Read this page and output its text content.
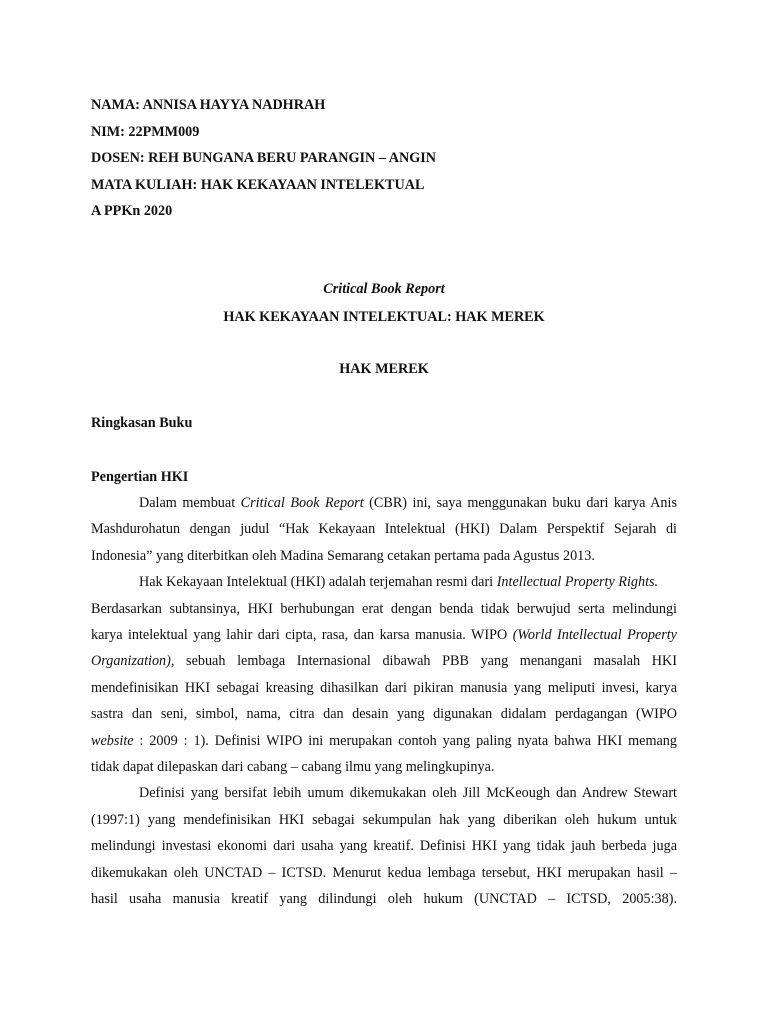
NAMA: ANNISA HAYYA NADHRAH
NIM: 22PMM009
DOSEN: REH BUNGANA BERU PARANGIN – ANGIN
MATA KULIAH: HAK KEKAYAAN INTELEKTUAL
A PPKn 2020
Critical Book Report
HAK KEKAYAAN INTELEKTUAL: HAK MEREK
HAK MEREK
Ringkasan Buku
Pengertian HKI
Dalam membuat Critical Book Report (CBR) ini, saya menggunakan buku dari karya Anis
Mashdurohatun dengan judul “Hak Kekayaan Intelektual (HKI) Dalam Perspektif Sejarah di
Indonesia” yang diterbitkan oleh Madina Semarang cetakan pertama pada Agustus 2013.
Hak Kekayaan Intelektual (HKI) adalah terjemahan resmi dari Intellectual Property Rights.
Berdasarkan subtansinya, HKI berhubungan erat dengan benda tidak berwujud serta melindungi
karya intelektual yang lahir dari cipta, rasa, dan karsa manusia. WIPO (World Intellectual Property
Organization), sebuah lembaga Internasional dibawah PBB yang menangani masalah HKI
mendefinisikan HKI sebagai kreasing dihasilkan dari pikiran manusia yang meliputi invesi, karya
sastra dan seni, simbol, nama, citra dan desain yang digunakan didalam perdagangan (WIPO
website : 2009 : 1). Definisi WIPO ini merupakan contoh yang paling nyata bahwa HKI memang
tidak dapat dilepaskan dari cabang – cabang ilmu yang melingkupinya.
Definisi yang bersifat lebih umum dikemukakan oleh Jill McKeough dan Andrew Stewart
(1997:1) yang mendefinisikan HKI sebagai sekumpulan hak yang diberikan oleh hukum untuk
melindungi investasi ekonomi dari usaha yang kreatif. Definisi HKI yang tidak jauh berbeda juga
dikemukakan oleh UNCTAD – ICTSD. Menurut kedua lembaga tersebut, HKI merupakan hasil –
hasil usaha manusia kreatif yang dilindungi oleh hukum (UNCTAD – ICTSD, 2005:38).
